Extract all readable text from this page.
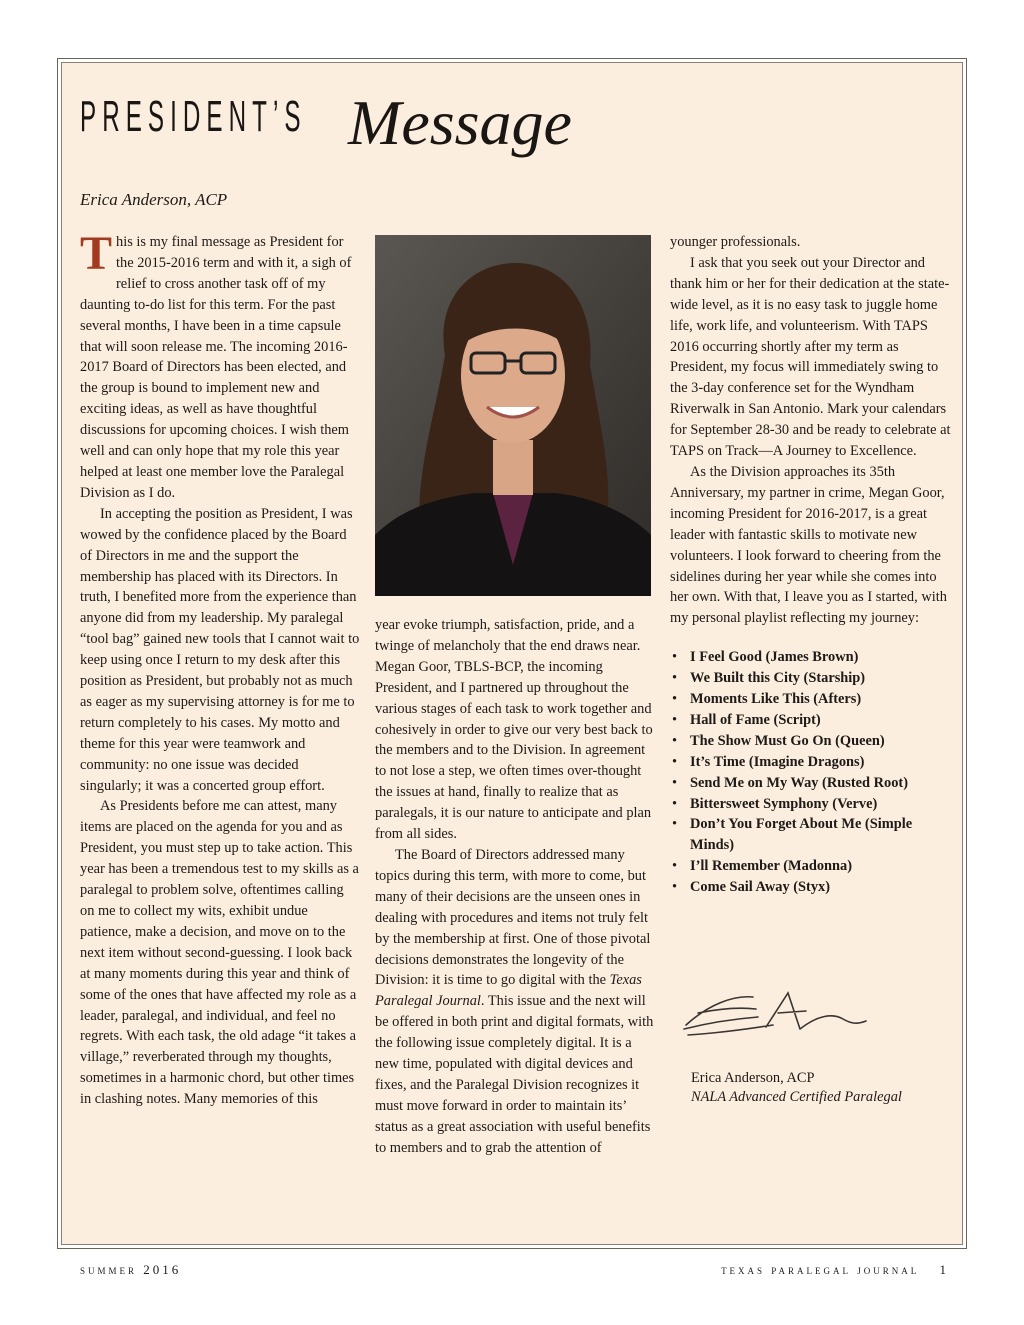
PRESIDENT’S Message
Erica Anderson, ACP

This is my final message as President for the 2015-2016 term and with it, a sigh of relief to cross another task off of my daunting to-do list for this term. For the past several months, I have been in a time capsule that will soon release me. The incoming 2016-2017 Board of Directors has been elected, and the group is bound to implement new and exciting ideas, as well as have thoughtful discussions for upcoming choices. I wish them well and can only hope that my role this year helped at least one member love the Paralegal Division as I do.

In accepting the position as President, I was wowed by the confidence placed by the Board of Directors in me and the support the membership has placed with its Directors. In truth, I benefited more from the experience than anyone did from my leadership. My paralegal “tool bag” gained new tools that I cannot wait to keep using once I return to my desk after this position as President, but probably not as much as eager as my supervising attorney is for me to return completely to his cases. My motto and theme for this year were teamwork and community: no one issue was decided singularly; it was a concerted group effort.

As Presidents before me can attest, many items are placed on the agenda for you and as President, you must step up to take action. This year has been a tremendous test to my skills as a paralegal to problem solve, oftentimes calling on me to collect my wits, exhibit undue patience, make a decision, and move on to the next item without second-guessing. I look back at many moments during this year and think of some of the ones that have affected my role as a leader, paralegal, and individual, and feel no regrets. With each task, the old adage “it takes a village,” reverberated through my thoughts, sometimes in a harmonic chord, but other times in clashing notes. Many memories of this

year evoke triumph, satisfaction, pride, and a twinge of melancholy that the end draws near. Megan Goor, TBLS-BCP, the incoming President, and I partnered up throughout the various stages of each task to work together and cohesively in order to give our very best back to the members and to the Division. In agreement to not lose a step, we often times over-thought the issues at hand, finally to realize that as paralegals, it is our nature to anticipate and plan from all sides.

The Board of Directors addressed many topics during this term, with more to come, but many of their decisions are the unseen ones in dealing with procedures and items not truly felt by the membership at first. One of those pivotal decisions demonstrates the longevity of the Division: it is time to go digital with the Texas Paralegal Journal. This issue and the next will be offered in both print and digital formats, with the following issue completely digital. It is a new time, populated with digital devices and fixes, and the Paralegal Division recognizes it must move forward in order to maintain its’ status as a great association with useful benefits to members and to grab the attention of

younger professionals.

I ask that you seek out your Director and thank him or her for their dedication at the state-wide level, as it is no easy task to juggle home life, work life, and volunteerism. With TAPS 2016 occurring shortly after my term as President, my focus will immediately swing to the 3-day conference set for the Wyndham Riverwalk in San Antonio. Mark your calendars for September 28-30 and be ready to celebrate at TAPS on Track—A Journey to Excellence.

As the Division approaches its 35th Anniversary, my partner in crime, Megan Goor, incoming President for 2016-2017, is a great leader with fantastic skills to motivate new volunteers. I look forward to cheering from the sidelines during her year while she comes into her own. With that, I leave you as I started, with my personal playlist reflecting my journey:

• I Feel Good (James Brown)
• We Built this City (Starship)
• Moments Like This (Afters)
• Hall of Fame (Script)
• The Show Must Go On (Queen)
• It’s Time (Imagine Dragons)
• Send Me on My Way (Rusted Root)
• Bittersweet Symphony (Verve)
• Don’t You Forget About Me (Simple Minds)
• I’ll Remember (Madonna)
• Come Sail Away (Styx)
Erica Anderson, ACP
NALA Advanced Certified Paralegal
summer 2016	texas paralegal journal 1
